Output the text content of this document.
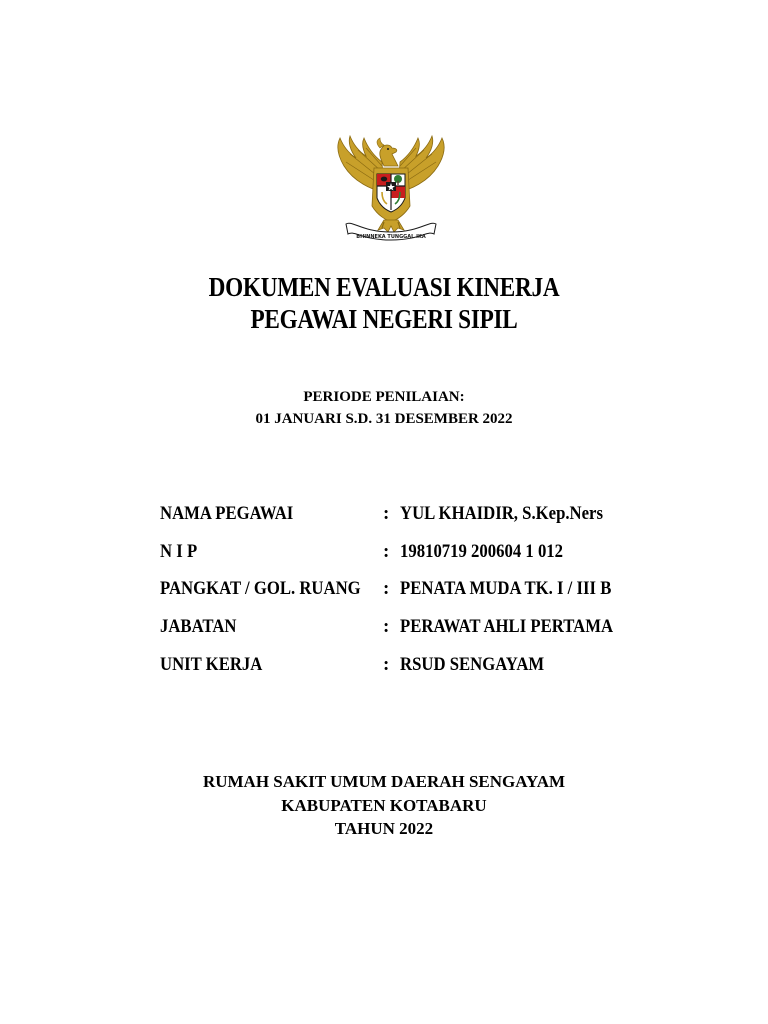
BHINNEKA TUNGGAL IKA
DOKUMEN EVALUASI KINERJA
PEGAWAI NEGERI SIPIL
PERIODE PENILAIAN:
01 JANUARI S.D. 31 DESEMBER 2022
NAMA PEGAWAI	: YUL KHAIDIR, S.Kep.Ners
N I P	: 19810719 200604 1 012
PANGKAT / GOL. RUANG : PENATA MUDA TK. I / III B
JABATAN	: PERAWAT AHLI PERTAMA
UNIT KERJA	: RSUD SENGAYAM
RUMAH SAKIT UMUM DAERAH SENGAYAM
KABUPATEN KOTABARU
TAHUN 2022
